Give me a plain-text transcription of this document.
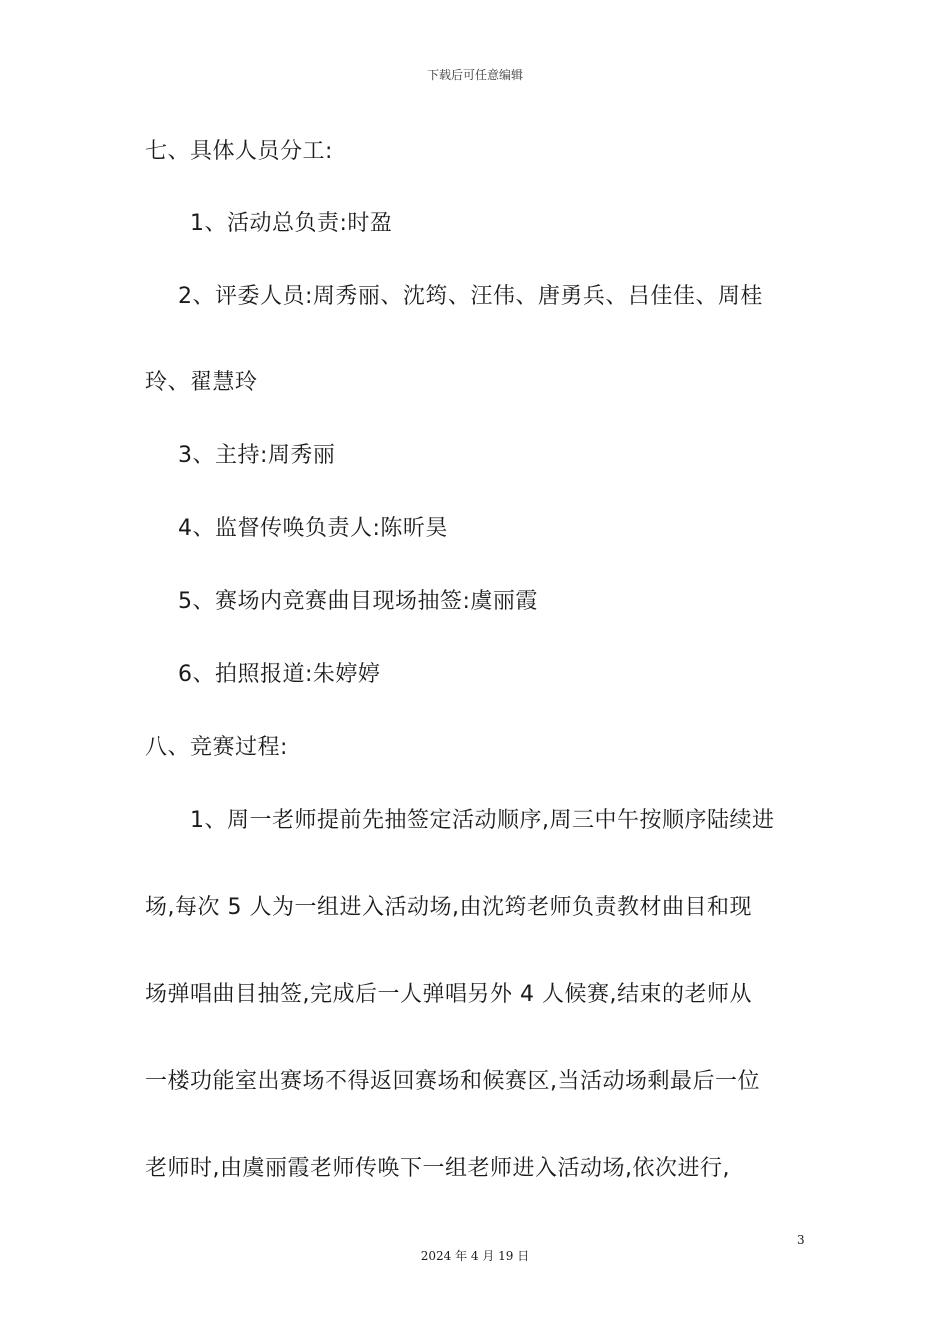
下载后可任意编辑
七、具体人员分工:
1、活动总负责:时盈
2、评委人员:周秀丽、沈筠、汪伟、唐勇兵、吕佳佳、周桂
玲、翟慧玲
3、主持:周秀丽
4、监督传唤负责人:陈昕昊
5、赛场内竞赛曲目现场抽签:虞丽霞
6、拍照报道:朱婷婷
八、竞赛过程:
1、周一老师提前先抽签定活动顺序,周三中午按顺序陆续进
场,每次 5 人为一组进入活动场,由沈筠老师负责教材曲目和现
场弹唱曲目抽签,完成后一人弹唱另外 4 人候赛,结束的老师从
一楼功能室出赛场不得返回赛场和候赛区,当活动场剩最后一位
老师时,由虞丽霞老师传唤下一组老师进入活动场,依次进行,
3
2024 年 4 月 19 日
